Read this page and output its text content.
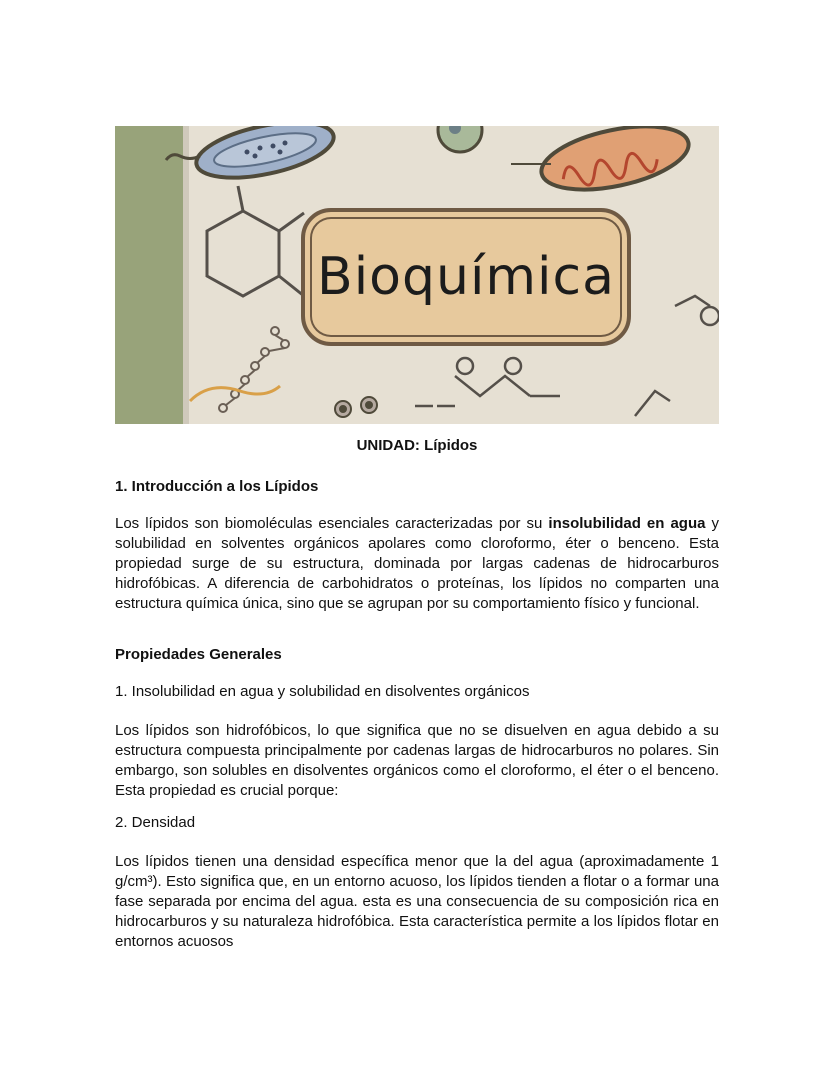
Bioquímica
UNIDAD: Lípidos
1. Introducción a los Lípidos

Los lípidos son biomoléculas esenciales caracterizadas por su insolubilidad en agua y solubilidad en solventes orgánicos apolares como cloroformo, éter o benceno. Esta propiedad surge de su estructura, dominada por largas cadenas de hidrocarburos hidrofóbicas. A diferencia de carbohidratos o proteínas, los lípidos no comparten una estructura química única, sino que se agrupan por su comportamiento físico y funcional.

Propiedades Generales
1. Insolubilidad en agua y solubilidad en disolventes orgánicos

Los lípidos son hidrofóbicos, lo que significa que no se disuelven en agua debido a su estructura compuesta principalmente por cadenas largas de hidrocarburos no polares. Sin embargo, son solubles en disolventes orgánicos como el cloroformo, el éter o el benceno. Esta propiedad es crucial porque:

2. Densidad

Los lípidos tienen una densidad específica menor que la del agua (aproximadamente 1 g/cm³). Esto significa que, en un entorno acuoso, los lípidos tienden a flotar o a formar una fase separada por encima del agua. esta es una consecuencia de su composición rica en hidrocarburos y su naturaleza hidrofóbica. Esta característica permite a los lípidos flotar en entornos acuosos
